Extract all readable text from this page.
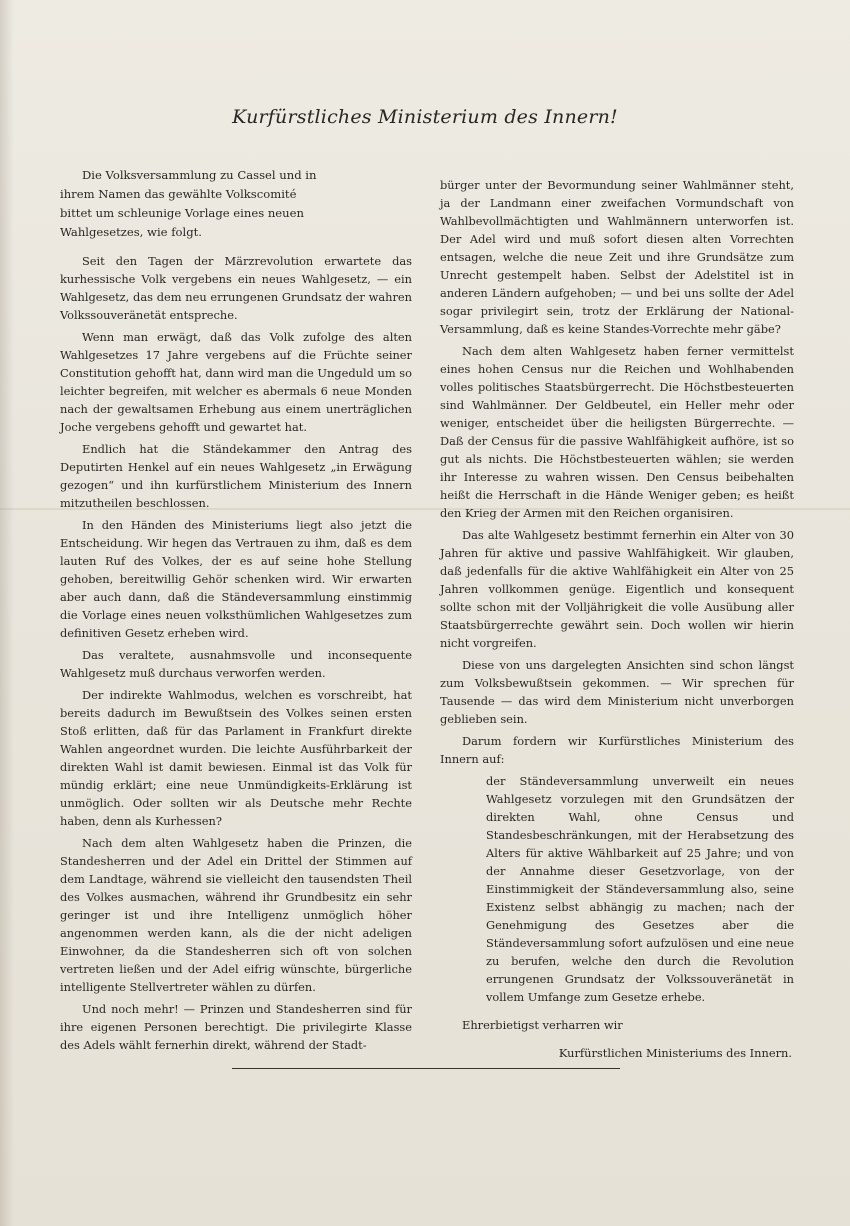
Kurfürstliches Ministerium des Innern!

Die Volksversammlung zu Cassel und in ihrem Namen das gewählte Volkscomité bittet um schleunige Vorlage eines neuen Wahlgesetzes, wie folgt.

Seit den Tagen der Märzrevolution erwartete das kurhessische Volk vergebens ein neues Wahlgesetz, — ein Wahlgesetz, das dem neu errungenen Grundsatz der wahren Volkssouveränetät entspreche.

Wenn man erwägt, daß das Volk zufolge des alten Wahlgesetzes 17 Jahre vergebens auf die Früchte seiner Constitution gehofft hat, dann wird man die Ungeduld um so leichter begreifen, mit welcher es abermals 6 neue Monden nach der gewaltsamen Erhebung aus einem unerträglichen Joche vergebens gehofft und gewartet hat.

Endlich hat die Ständekammer den Antrag des Deputirten Henkel auf ein neues Wahlgesetz „in Erwägung gezogen“ und ihn kurfürstlichem Ministerium des Innern mitzutheilen beschlossen.

In den Händen des Ministeriums liegt also jetzt die Entscheidung. Wir hegen das Vertrauen zu ihm, daß es dem lauten Ruf des Volkes, der es auf seine hohe Stellung gehoben, bereitwillig Gehör schenken wird. Wir erwarten aber auch dann, daß die Ständeversammlung einstimmig die Vorlage eines neuen volksthümlichen Wahlgesetzes zum definitiven Gesetz erheben wird.

Das veraltete, ausnahmsvolle und inconsequente Wahlgesetz muß durchaus verworfen werden.

Der indirekte Wahlmodus, welchen es vorschreibt, hat bereits dadurch im Bewußtsein des Volkes seinen ersten Stoß erlitten, daß für das Parlament in Frankfurt direkte Wahlen angeordnet wurden. Die leichte Ausführbarkeit der direkten Wahl ist damit bewiesen. Einmal ist das Volk für mündig erklärt; eine neue Unmündigkeits-Erklärung ist unmöglich. Oder sollten wir als Deutsche mehr Rechte haben, denn als Kurhessen?

Nach dem alten Wahlgesetz haben die Prinzen, die Standesherren und der Adel ein Drittel der Stimmen auf dem Landtage, während sie vielleicht den tausendsten Theil des Volkes ausmachen, während ihr Grundbesitz ein sehr geringer ist und ihre Intelligenz unmöglich höher angenommen werden kann, als die der nicht adeligen Einwohner, da die Standesherren sich oft von solchen vertreten ließen und der Adel eifrig wünschte, bürgerliche intelligente Stellvertreter wählen zu dürfen.

Und noch mehr! — Prinzen und Standesherren sind für ihre eigenen Personen berechtigt. Die privilegirte Klasse des Adels wählt fernerhin direkt, während der Stadt-

bürger unter der Bevormundung seiner Wahlmänner steht, ja der Landmann einer zweifachen Vormundschaft von Wahlbevollmächtigten und Wahlmännern unterworfen ist. Der Adel wird und muß sofort diesen alten Vorrechten entsagen, welche die neue Zeit und ihre Grundsätze zum Unrecht gestempelt haben. Selbst der Adelstitel ist in anderen Ländern aufgehoben; — und bei uns sollte der Adel sogar privilegirt sein, trotz der Erklärung der National-Versammlung, daß es keine Standes-Vorrechte mehr gäbe?

Nach dem alten Wahlgesetz haben ferner vermittelst eines hohen Census nur die Reichen und Wohlhabenden volles politisches Staatsbürgerrecht. Die Höchstbesteuerten sind Wahlmänner. Der Geldbeutel, ein Heller mehr oder weniger, entscheidet über die heiligsten Bürgerrechte. — Daß der Census für die passive Wahlfähigkeit aufhöre, ist so gut als nichts. Die Höchstbesteuerten wählen; sie werden ihr Interesse zu wahren wissen. Den Census beibehalten heißt die Herrschaft in die Hände Weniger geben; es heißt den Krieg der Armen mit den Reichen organisiren.

Das alte Wahlgesetz bestimmt fernerhin ein Alter von 30 Jahren für aktive und passive Wahlfähigkeit. Wir glauben, daß jedenfalls für die aktive Wahlfähigkeit ein Alter von 25 Jahren vollkommen genüge. Eigentlich und konsequent sollte schon mit der Volljährigkeit die volle Ausübung aller Staatsbürgerrechte gewährt sein. Doch wollen wir hierin nicht vorgreifen.

Diese von uns dargelegten Ansichten sind schon längst zum Volksbewußtsein gekommen. — Wir sprechen für Tausende — das wird dem Ministerium nicht unverborgen geblieben sein.

Darum fordern wir Kurfürstliches Ministerium des Innern auf:

der Ständeversammlung unverweilt ein neues Wahlgesetz vorzulegen mit den Grundsätzen der direkten Wahl, ohne Census und Standesbeschränkungen, mit der Herabsetzung des Alters für aktive Wählbarkeit auf 25 Jahre; und von der Annahme dieser Gesetzvorlage, von der Einstimmigkeit der Ständeversammlung also, seine Existenz selbst abhängig zu machen; nach der Genehmigung des Gesetzes aber die Ständeversammlung sofort aufzulösen und eine neue zu berufen, welche den durch die Revolution errungenen Grundsatz der Volkssouveränetät in vollem Umfange zum Gesetze erhebe.

Ehrerbietigst verharren wir

Kurfürstlichen Ministeriums des Innern.
